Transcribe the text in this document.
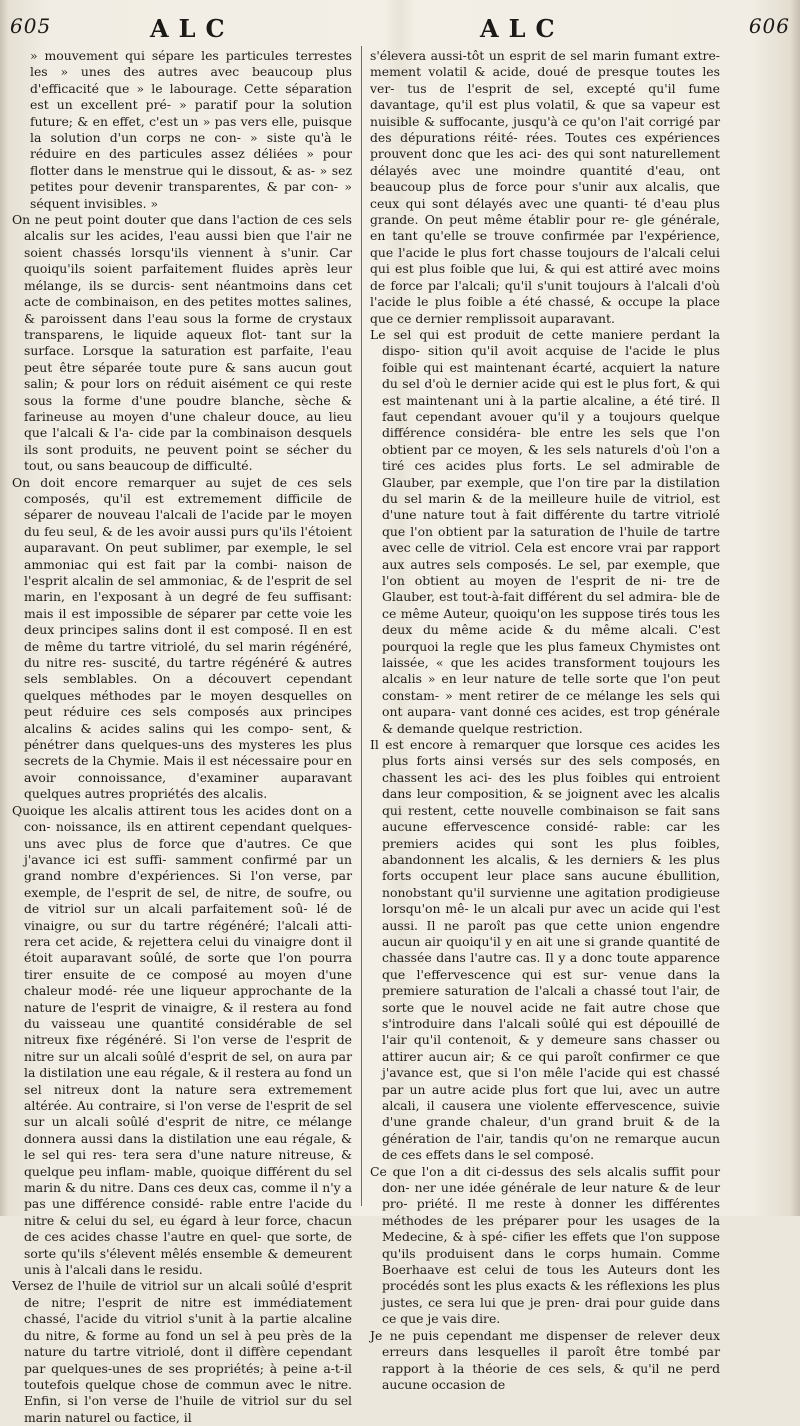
605	ALC	ALC	606

» mouvement qui sépare les particules terrestes les » unes des autres avec beaucoup plus d'efficacité que » le labourage. Cette séparation est un excellent pré- » paratif pour la solution future; & en effet, c'est un » pas vers elle, puisque la solution d'un corps ne con- » siste qu'à le réduire en des particules assez déliées » pour flotter dans le menstrue qui le dissout, & as- » sez petites pour devenir transparentes, & par con- » séquent invisibles. »

On ne peut point douter que dans l'action de ces sels alcalis sur les acides, l'eau aussi bien que l'air ne soient chassés lorsqu'ils viennent à s'unir. Car quoiqu'ils soient parfaitement fluides après leur mélange, ils se durcis- sent néantmoins dans cet acte de combinaison, en des petites mottes salines, & paroissent dans l'eau sous la forme de crystaux transparens, le liquide aqueux flot- tant sur la surface. Lorsque la saturation est parfaite, l'eau peut être séparée toute pure & sans aucun gout salin; & pour lors on réduit aisément ce qui reste sous la forme d'une poudre blanche, sèche & farineuse au moyen d'une chaleur douce, au lieu que l'alcali & l'a- cide par la combinaison desquels ils sont produits, ne peuvent point se sécher du tout, ou sans beaucoup de difficulté.

On doit encore remarquer au sujet de ces sels composés, qu'il est extremement difficile de séparer de nouveau l'alcali de l'acide par le moyen du feu seul, & de les avoir aussi purs qu'ils l'étoient auparavant. On peut sublimer, par exemple, le sel ammoniac qui est fait par la combi- naison de l'esprit alcalin de sel ammoniac, & de l'esprit de sel marin, en l'exposant à un degré de feu suffisant: mais il est impossible de séparer par cette voie les deux principes salins dont il est composé. Il en est de même du tartre vitriolé, du sel marin régénéré, du nitre res- suscité, du tartre régénéré & autres sels semblables. On a découvert cependant quelques méthodes par le moyen desquelles on peut réduire ces sels composés aux principes alcalins & acides salins qui les compo- sent, & pénétrer dans quelques-uns des mysteres les plus secrets de la Chymie. Mais il est nécessaire pour en avoir connoissance, d'examiner auparavant quelques autres propriétés des alcalis.

Quoique les alcalis attirent tous les acides dont on a con- noissance, ils en attirent cependant quelques-uns avec plus de force que d'autres. Ce que j'avance ici est suffi- samment confirmé par un grand nombre d'expériences. Si l'on verse, par exemple, de l'esprit de sel, de nitre, de soufre, ou de vitriol sur un alcali parfaitement soû- lé de vinaigre, ou sur du tartre régénéré; l'alcali atti- rera cet acide, & rejettera celui du vinaigre dont il étoit auparavant soûlé, de sorte que l'on pourra tirer ensuite de ce composé au moyen d'une chaleur modé- rée une liqueur approchante de la nature de l'esprit de vinaigre, & il restera au fond du vaisseau une quantité considérable de sel nitreux fixe régénéré. Si l'on verse de l'esprit de nitre sur un alcali soûlé d'esprit de sel, on aura par la distilation une eau régale, & il restera au fond un sel nitreux dont la nature sera extremement altérée. Au contraire, si l'on verse de l'esprit de sel sur un alcali soûlé d'esprit de nitre, ce mélange donnera aussi dans la distilation une eau régale, & le sel qui res- tera sera d'une nature nitreuse, & quelque peu inflam- mable, quoique différent du sel marin & du nitre. Dans ces deux cas, comme il n'y a pas une différence considé- rable entre l'acide du nitre & celui du sel, eu égard à leur force, chacun de ces acides chasse l'autre en quel- que sorte, de sorte qu'ils s'élevent mêlés ensemble & demeurent unis à l'alcali dans le residu.

Versez de l'huile de vitriol sur un alcali soûlé d'esprit de nitre; l'esprit de nitre est immédiatement chassé, l'acide du vitriol s'unit à la partie alcaline du nitre, & forme au fond un sel à peu près de la nature du tartre vitriolé, dont il diffère cependant par quelques-unes de ses propriétés; à peine a-t-il toutefois quelque chose de commun avec le nitre. Enfin, si l'on verse de l'huile de vitriol sur du sel marin naturel ou factice, il

s'élevera aussi-tôt un esprit de sel marin fumant extre- mement volatil & acide, doué de presque toutes les ver- tus de l'esprit de sel, excepté qu'il fume davantage, qu'il est plus volatil, & que sa vapeur est nuisible & suffocante, jusqu'à ce qu'on l'ait corrigé par des dépurations réité- rées. Toutes ces expériences prouvent donc que les aci- des qui sont naturellement délayés avec une moindre quantité d'eau, ont beaucoup plus de force pour s'unir aux alcalis, que ceux qui sont délayés avec une quanti- té d'eau plus grande. On peut même établir pour re- gle générale, en tant qu'elle se trouve confirmée par l'expérience, que l'acide le plus fort chasse toujours de l'alcali celui qui est plus foible que lui, & qui est attiré avec moins de force par l'alcali; qu'il s'unit toujours à l'alcali d'où l'acide le plus foible a été chassé, & occupe la place que ce dernier remplissoit auparavant.

Le sel qui est produit de cette maniere perdant la dispo- sition qu'il avoit acquise de l'acide le plus foible qui est maintenant écarté, acquiert la nature du sel d'où le dernier acide qui est le plus fort, & qui est maintenant uni à la partie alcaline, a été tiré. Il faut cependant avouer qu'il y a toujours quelque différence considéra- ble entre les sels que l'on obtient par ce moyen, & les sels naturels d'où l'on a tiré ces acides plus forts. Le sel admirable de Glauber, par exemple, que l'on tire par la distilation du sel marin & de la meilleure huile de vitriol, est d'une nature tout à fait différente du tartre vitriolé que l'on obtient par la saturation de l'huile de tartre avec celle de vitriol. Cela est encore vrai par rapport aux autres sels composés. Le sel, par exemple, que l'on obtient au moyen de l'esprit de ni- tre de Glauber, est tout-à-fait différent du sel admira- ble de ce même Auteur, quoiqu'on les suppose tirés tous les deux du même acide & du même alcali. C'est pourquoi la regle que les plus fameux Chymistes ont laissée, « que les acides transforment toujours les alcalis » en leur nature de telle sorte que l'on peut constam- » ment retirer de ce mélange les sels qui ont aupara- vant donné ces acides, est trop générale & demande quelque restriction.

Il est encore à remarquer que lorsque ces acides les plus forts ainsi versés sur des sels composés, en chassent les aci- des les plus foibles qui entroient dans leur composition, & se joignent avec les alcalis qui restent, cette nouvelle combinaison se fait sans aucune effervescence considé- rable: car les premiers acides qui sont les plus foibles, abandonnent les alcalis, & les derniers & les plus forts occupent leur place sans aucune ébullition, nonobstant qu'il survienne une agitation prodigieuse lorsqu'on mê- le un alcali pur avec un acide qui l'est aussi. Il ne paroît pas que cette union engendre aucun air quoiqu'il y en ait une si grande quantité de chassée dans l'autre cas. Il y a donc toute apparence que l'effervescence qui est sur- venue dans la premiere saturation de l'alcali a chassé tout l'air, de sorte que le nouvel acide ne fait autre chose que s'introduire dans l'alcali soûlé qui est dépouillé de l'air qu'il contenoit, & y demeure sans chasser ou attirer aucun air; & ce qui paroît confirmer ce que j'avance est, que si l'on mêle l'acide qui est chassé par un autre acide plus fort que lui, avec un autre alcali, il causera une violente effervescence, suivie d'une grande chaleur, d'un grand bruit & de la génération de l'air, tandis qu'on ne remarque aucun de ces effets dans le sel composé.

Ce que l'on a dit ci-dessus des sels alcalis suffit pour don- ner une idée générale de leur nature & de leur pro- priété. Il me reste à donner les différentes méthodes de les préparer pour les usages de la Medecine, & à spé- cifier les effets que l'on suppose qu'ils produisent dans le corps humain. Comme Boerhaave est celui de tous les Auteurs dont les procédés sont les plus exacts & les réflexions les plus justes, ce sera lui que je pren- drai pour guide dans ce que je vais dire.

Je ne puis cependant me dispenser de relever deux erreurs dans lesquelles il paroît être tombé par rapport à la théorie de ces sels, & qu'il ne perd aucune occasion de
